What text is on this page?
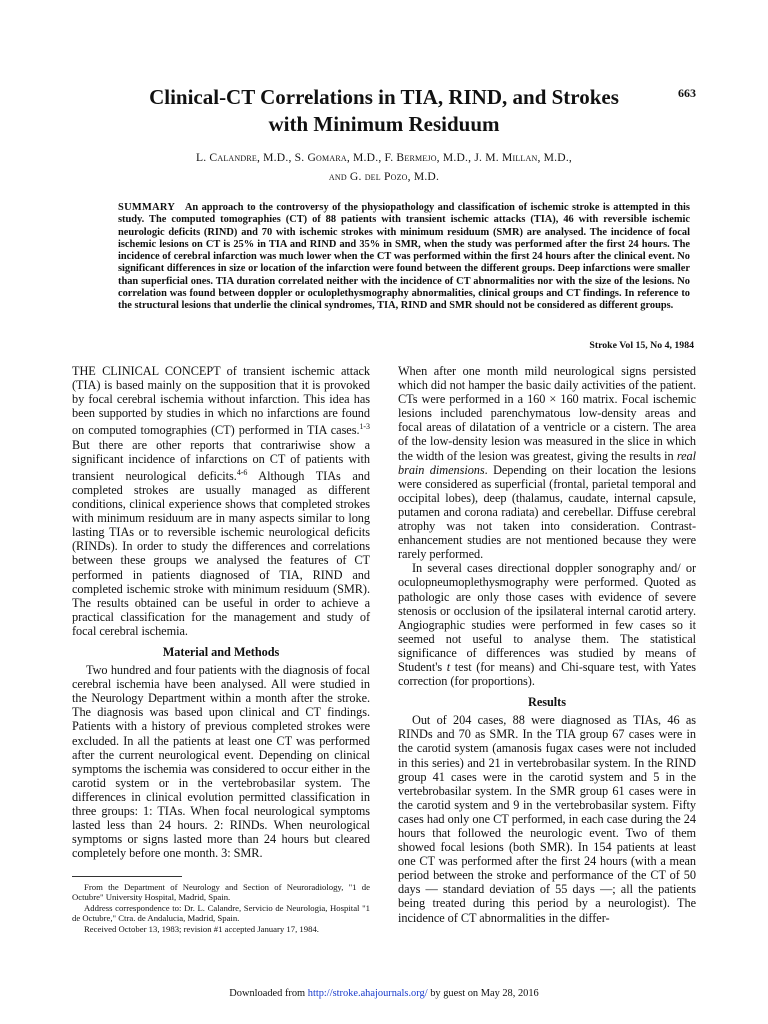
663
Clinical-CT Correlations in TIA, RIND, and Strokes
with Minimum Residuum
L. Calandre, M.D., S. Gomara, M.D., F. Bermejo, M.D., J. M. Millan, M.D.,
and G. del Pozo, M.D.
SUMMARY An approach to the controversy of the physiopathology and classification of ischemic stroke is attempted in this study. The computed tomographies (CT) of 88 patients with transient ischemic attacks (TIA), 46 with reversible ischemic neurologic deficits (RIND) and 70 with ischemic strokes with minimum residuum (SMR) are analysed. The incidence of focal ischemic lesions on CT is 25% in TIA and RIND and 35% in SMR, when the study was performed after the first 24 hours. The incidence of cerebral infarction was much lower when the CT was performed within the first 24 hours after the clinical event. No significant differences in size or location of the infarction were found between the different groups. Deep infarctions were smaller than superficial ones. TIA duration correlated neither with the incidence of CT abnormalities nor with the size of the lesions. No correlation was found between doppler or oculoplethysmography abnormalities, clinical groups and CT findings. In reference to the structural lesions that underlie the clinical syndromes, TIA, RIND and SMR should not be considered as different groups.
Stroke Vol 15, No 4, 1984

THE CLINICAL CONCEPT of transient ischemic attack (TIA) is based mainly on the supposition that it is provoked by focal cerebral ischemia without infarction. This idea has been supported by studies in which no infarctions are found on computed tomographies (CT) performed in TIA cases.$^{1-3}$ But there are other reports that contrariwise show a significant incidence of infarctions on CT of patients with transient neurological deficits.$^{4-6}$ Although TIAs and completed strokes are usually managed as different conditions, clinical experience shows that completed strokes with minimum residuum are in many aspects similar to long lasting TIAs or to reversible ischemic neurological deficits (RINDs). In order to study the differences and correlations between these groups we analysed the features of CT performed in patients diagnosed of TIA, RIND and completed ischemic stroke with minimum residuum (SMR). The results obtained can be useful in order to achieve a practical classification for the management and study of focal cerebral ischemia.

Material and Methods

Two hundred and four patients with the diagnosis of focal cerebral ischemia have been analysed. All were studied in the Neurology Department within a month after the stroke. The diagnosis was based upon clinical and CT findings. Patients with a history of previous completed strokes were excluded. In all the patients at least one CT was performed after the current neurological event. Depending on clinical symptoms the ischemia was considered to occur either in the carotid system or in the vertebrobasilar system. The differences in clinical evolution permitted classification in three groups: 1: TIAs. When focal neurological symptoms lasted less than 24 hours. 2: RINDs. When neurological symptoms or signs lasted more than 24 hours but cleared completely before one month. 3: SMR.

From the Department of Neurology and Section of Neuroradiology, "1 de Octubre" University Hospital, Madrid, Spain.

Address correspondence to: Dr. L. Calandre, Servicio de Neurologia, Hospital "1 de Octubre," Ctra. de Andalucia, Madrid, Spain.

Received October 13, 1983; revision #1 accepted January 17, 1984.

When after one month mild neurological signs persisted which did not hamper the basic daily activities of the patient. CTs were performed in a 160 × 160 matrix. Focal ischemic lesions included parenchymatous low-density areas and focal areas of dilatation of a ventricle or a cistern. The area of the low-density lesion was measured in the slice in which the width of the lesion was greatest, giving the results in real brain dimensions. Depending on their location the lesions were considered as superficial (frontal, parietal temporal and occipital lobes), deep (thalamus, caudate, internal capsule, putamen and corona radiata) and cerebellar. Diffuse cerebral atrophy was not taken into consideration. Contrast-enhancement studies are not mentioned because they were rarely performed.

In several cases directional doppler sonography and/ or oculopneumoplethysmography were performed. Quoted as pathologic are only those cases with evidence of severe stenosis or occlusion of the ipsilateral internal carotid artery. Angiographic studies were performed in few cases so it seemed not useful to analyse them. The statistical significance of differences was studied by means of Student's t test (for means) and Chi-square test, with Yates correction (for proportions).

Results

Out of 204 cases, 88 were diagnosed as TIAs, 46 as RINDs and 70 as SMR. In the TIA group 67 cases were in the carotid system (amanosis fugax cases were not included in this series) and 21 in vertebrobasilar system. In the RIND group 41 cases were in the carotid system and 5 in the vertebrobasilar system. In the SMR group 61 cases were in the carotid system and 9 in the vertebrobasilar system. Fifty cases had only one CT performed, in each case during the 24 hours that followed the neurologic event. Two of them showed focal lesions (both SMR). In 154 patients at least one CT was performed after the first 24 hours (with a mean period between the stroke and performance of the CT of 50 days — standard deviation of 55 days —; all the patients being treated during this period by a neurologist). The incidence of CT abnormalities in the differ-

Downloaded from http://stroke.ahajournals.org/ by guest on May 28, 2016
